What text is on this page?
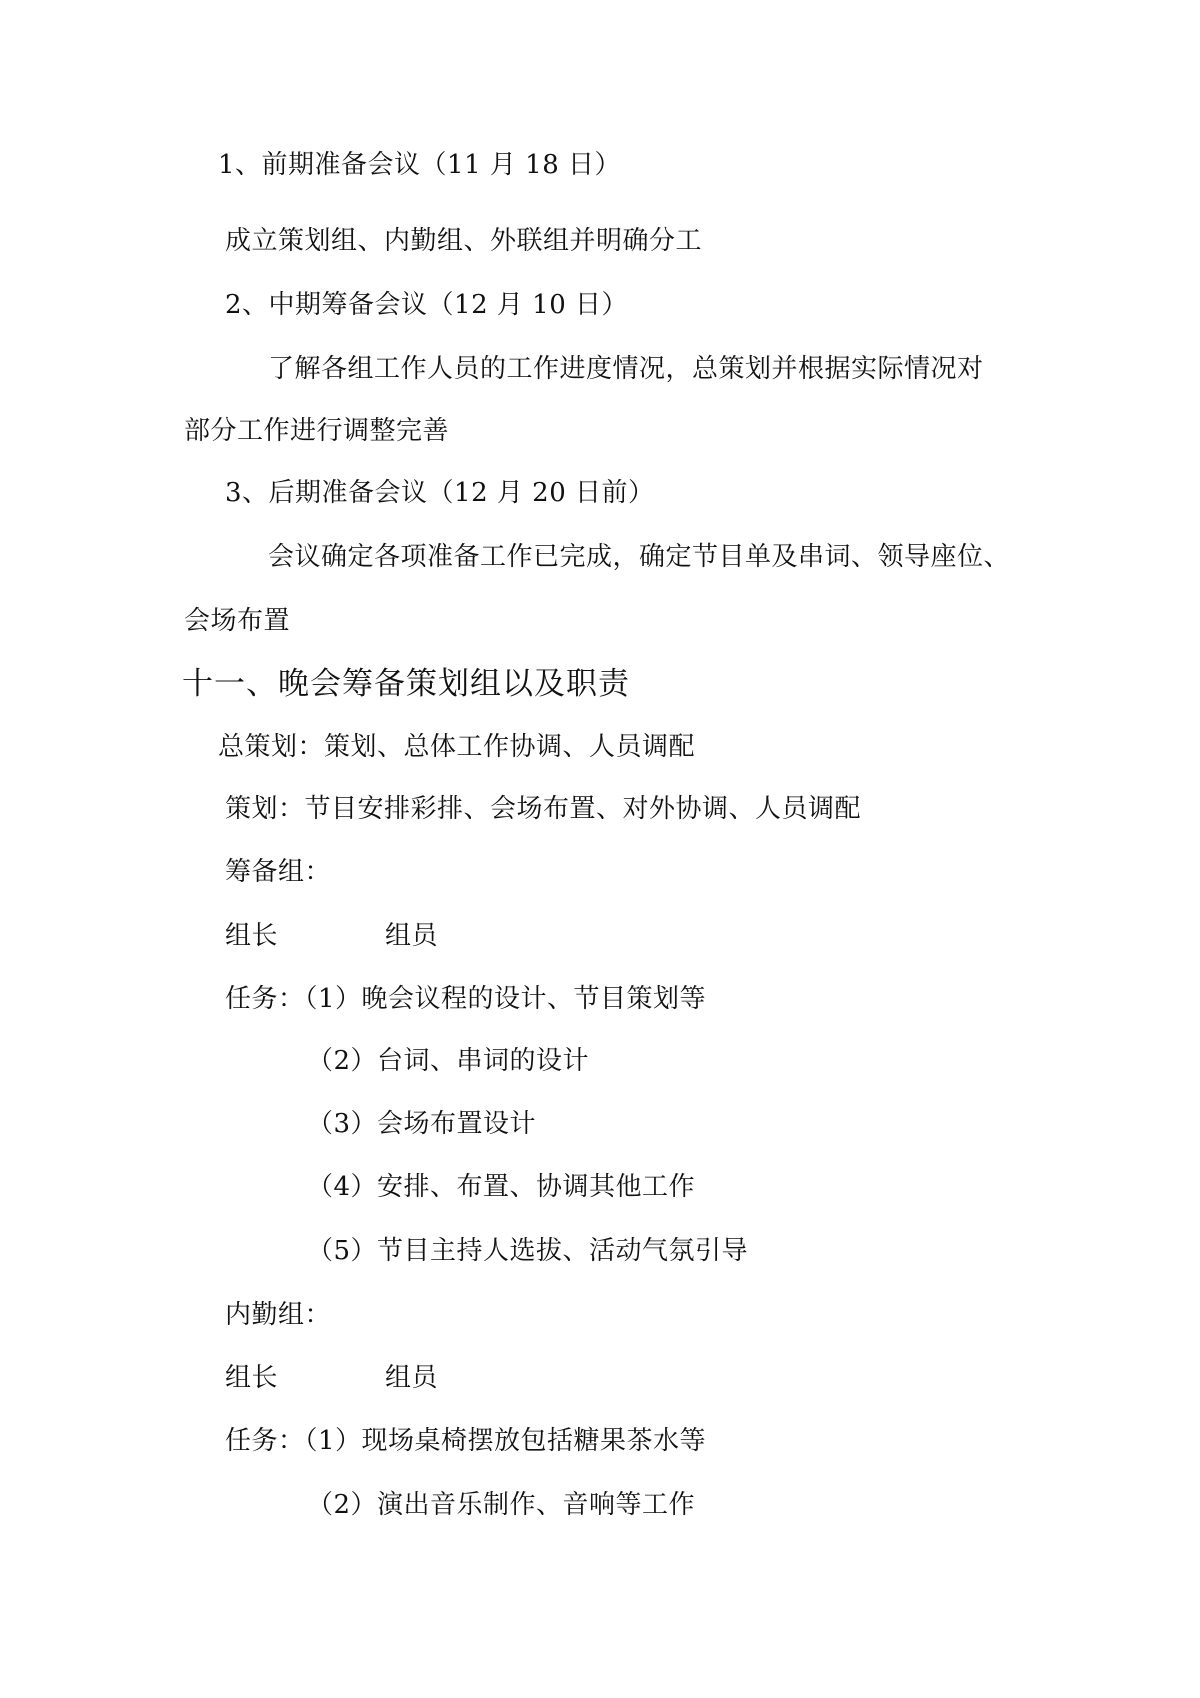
1、前期准备会议（11 月 18 日）
成立策划组、内勤组、外联组并明确分工
2、中期筹备会议（12 月 10 日）
了解各组工作人员的工作进度情况，总策划并根据实际情况对
部分工作进行调整完善
3、后期准备会议（12 月 20 日前）
会议确定各项准备工作已完成，确定节目单及串词、领导座位、
会场布置
十一、晚会筹备策划组以及职责
总策划：策划、总体工作协调、人员调配
策划：节目安排彩排、会场布置、对外协调、人员调配
筹备组：
组长	组员
任务：（1）晚会议程的设计、节目策划等
（2）台词、串词的设计
（3）会场布置设计
（4）安排、布置、协调其他工作
（5）节目主持人选拔、活动气氛引导
内勤组：
组长	组员
任务：（1）现场桌椅摆放包括糖果茶水等
（2）演出音乐制作、音响等工作
